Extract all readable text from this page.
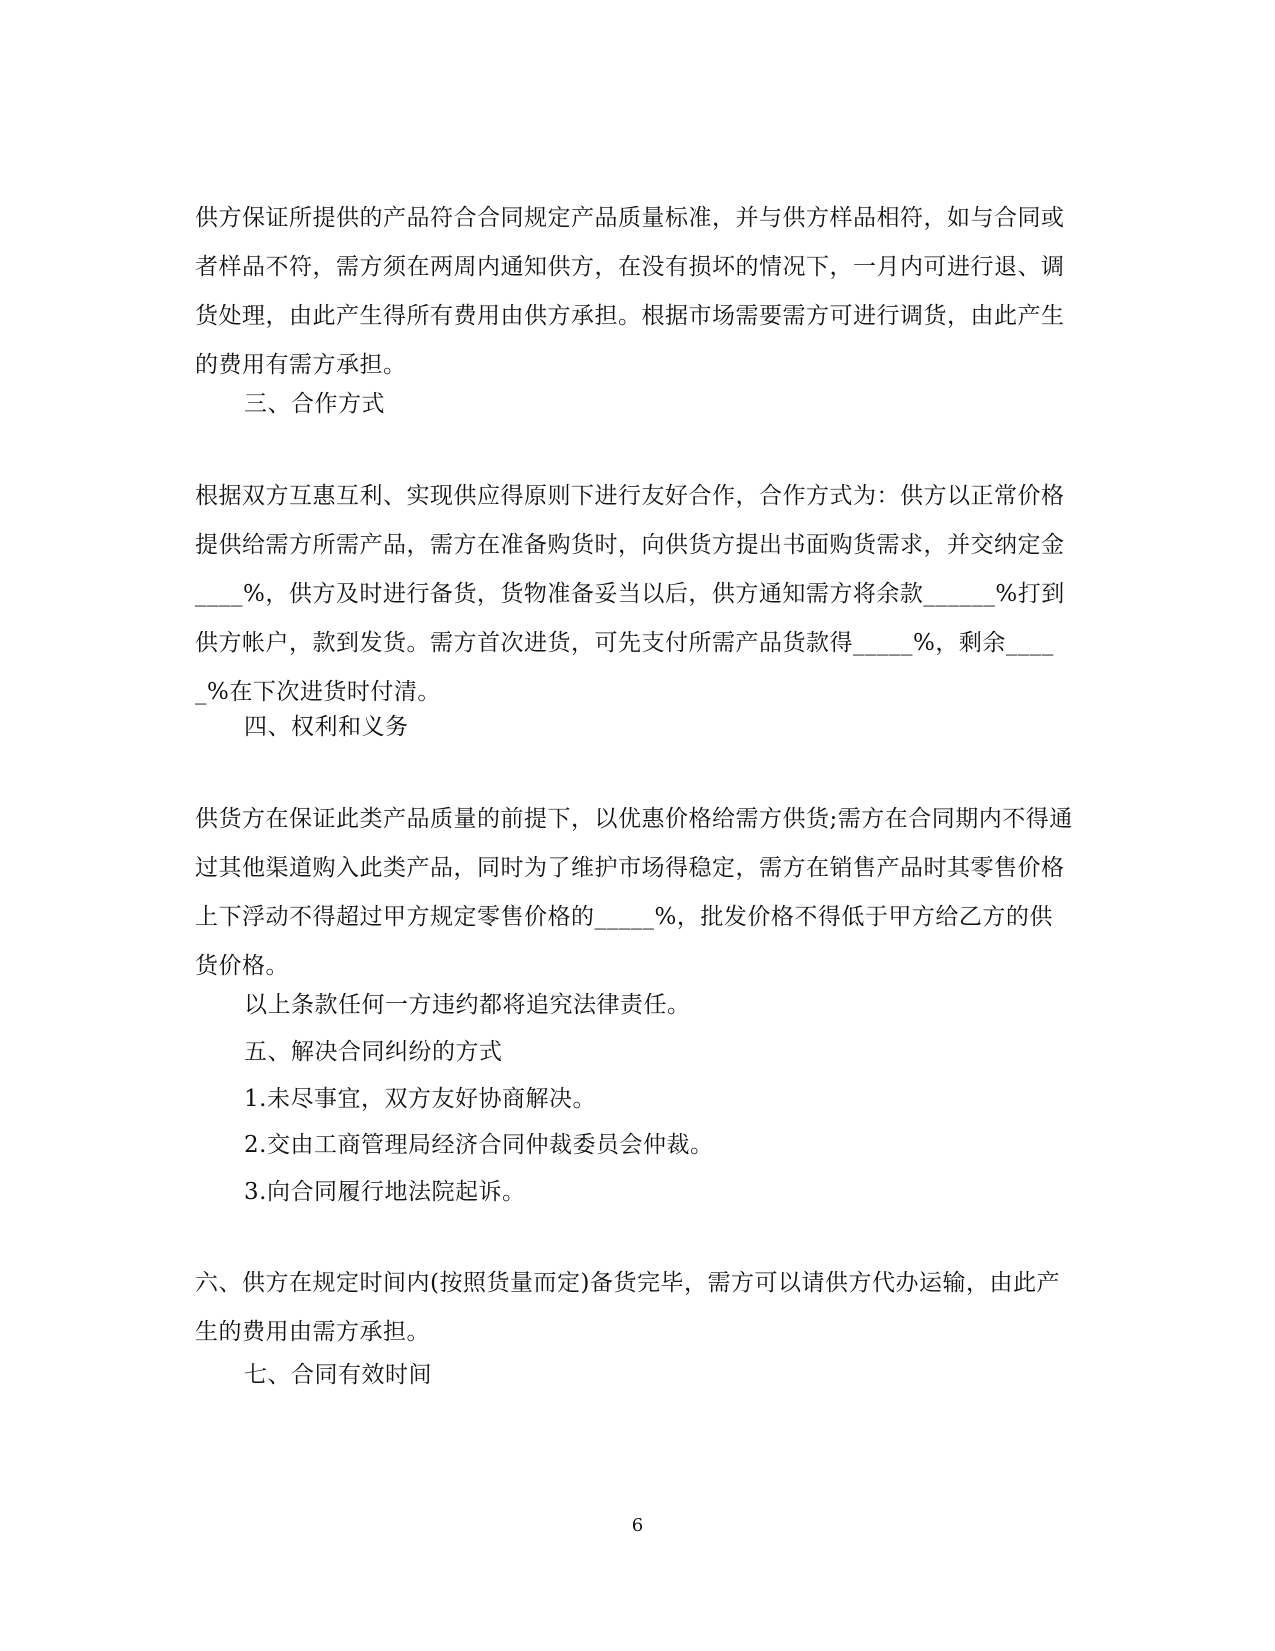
供方保证所提供的产品符合合同规定产品质量标准，并与供方样品相符，如与合同或者样品不符，需方须在两周内通知供方，在没有损坏的情况下，一月内可进行退、调货处理，由此产生得所有费用由供方承担。根据市场需要需方可进行调货，由此产生的费用有需方承担。

三、合作方式

根据双方互惠互利、实现供应得原则下进行友好合作，合作方式为：供方以正常价格提供给需方所需产品，需方在准备购货时，向供货方提出书面购货需求，并交纳定金____%，供方及时进行备货，货物准备妥当以后，供方通知需方将余款______%打到供方帐户，款到发货。需方首次进货，可先支付所需产品货款得_____%，剩余_____%在下次进货时付清。

四、权利和义务

供货方在保证此类产品质量的前提下，以优惠价格给需方供货;需方在合同期内不得通过其他渠道购入此类产品，同时为了维护市场得稳定，需方在销售产品时其零售价格上下浮动不得超过甲方规定零售价格的_____%，批发价格不得低于甲方给乙方的供货价格。

以上条款任何一方违约都将追究法律责任。

五、解决合同纠纷的方式

1.未尽事宜，双方友好协商解决。

2.交由工商管理局经济合同仲裁委员会仲裁。

3.向合同履行地法院起诉。

六、供方在规定时间内(按照货量而定)备货完毕，需方可以请供方代办运输，由此产生的费用由需方承担。

七、合同有效时间

6
